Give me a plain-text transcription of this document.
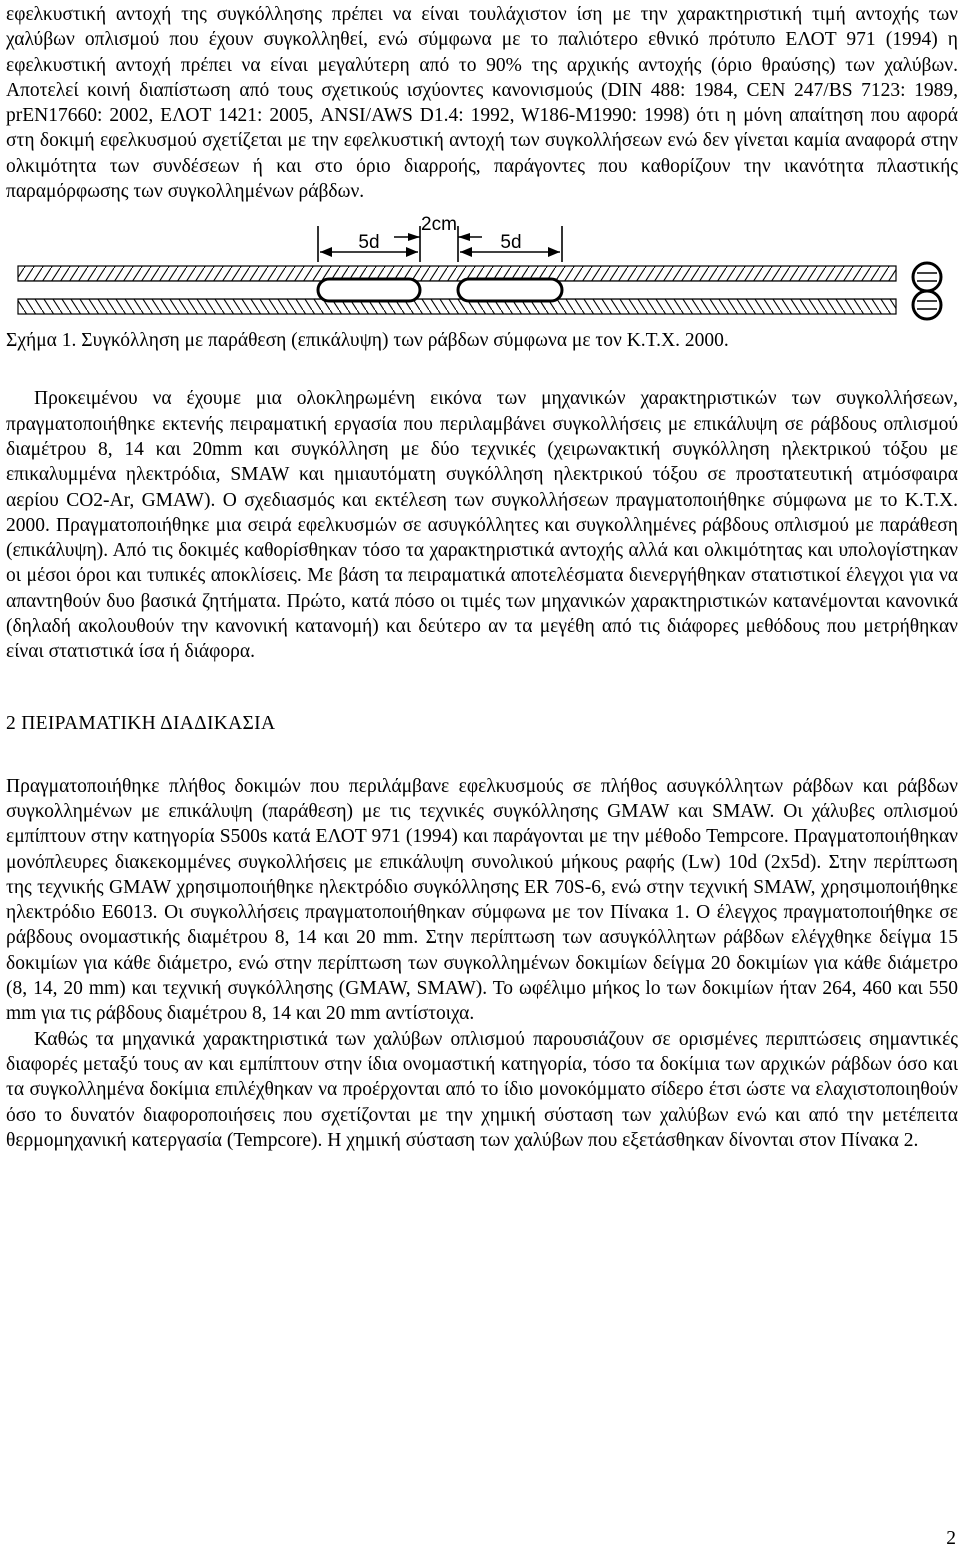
εφελκυστική αντοχή της συγκόλλησης πρέπει να είναι τουλάχιστον ίση με την χαρακτηριστική τιμή αντοχής των χαλύβων οπλισμού που έχουν συγκολληθεί, ενώ σύμφωνα με το παλιότερο εθνικό πρότυπο ΕΛΟΤ 971 (1994) η εφελκυστική αντοχή πρέπει να είναι μεγαλύτερη από το 90% της αρχικής αντοχής (όριο θραύσης) των χαλύβων. Αποτελεί κοινή διαπίστωση από τους σχετικούς ισχύοντες κανονισμούς (DIN 488: 1984, CEN 247/BS 7123: 1989, prEN17660: 2002, ΕΛΟΤ 1421: 2005, ANSI/AWS D1.4: 1992, W186-M1990: 1998) ότι η μόνη απαίτηση που αφορά στη δοκιμή εφελκυσμού σχετίζεται με την εφελκυστική αντοχή των συγκολλήσεων ενώ δεν γίνεται καμία αναφορά στην ολκιμότητα των συνδέσεων ή και στο όριο διαρροής, παράγοντες που καθορίζουν την ικανότητα πλαστικής παραμόρφωσης των συγκολλημένων ράβδων.

2cm
5d	5d

Σχήμα 1. Συγκόλληση με παράθεση (επικάλυψη) των ράβδων σύμφωνα με τον Κ.Τ.Χ. 2000.

Προκειμένου να έχουμε μια ολοκληρωμένη εικόνα των μηχανικών χαρακτηριστικών των συγκολλήσεων, πραγματοποιήθηκε εκτενής πειραματική εργασία που περιλαμβάνει συγκολλήσεις με επικάλυψη σε ράβδους οπλισμού διαμέτρου 8, 14 και 20mm και συγκόλληση με δύο τεχνικές (χειρωνακτική συγκόλληση ηλεκτρικού τόξου με επικαλυμμένα ηλεκτρόδια, SMAW και ημιαυτόματη συγκόλληση ηλεκτρικού τόξου σε προστατευτική ατμόσφαιρα αερίου CO2-Ar, GMAW). Ο σχεδιασμός και εκτέλεση των συγκολλήσεων πραγματοποιήθηκε σύμφωνα με το Κ.Τ.Χ. 2000. Πραγματοποιήθηκε μια σειρά εφελκυσμών σε ασυγκόλλητες και συγκολλημένες ράβδους οπλισμού με παράθεση (επικάλυψη). Από τις δοκιμές καθορίσθηκαν τόσο τα χαρακτηριστικά αντοχής αλλά και ολκιμότητας και υπολογίστηκαν οι μέσοι όροι και τυπικές αποκλίσεις. Με βάση τα πειραματικά αποτελέσματα διενεργήθηκαν στατιστικοί έλεγχοι για να απαντηθούν δυο βασικά ζητήματα. Πρώτο, κατά πόσο οι τιμές των μηχανικών χαρακτηριστικών κατανέμονται κανονικά (δηλαδή ακολουθούν την κανονική κατανομή) και δεύτερο αν τα μεγέθη από τις διάφορες μεθόδους που μετρήθηκαν είναι στατιστικά ίσα ή διάφορα.

2 ΠΕΙΡΑΜΑΤΙΚΗ ΔΙΑΔΙΚΑΣΙΑ

Πραγματοποιήθηκε πλήθος δοκιμών που περιλάμβανε εφελκυσμούς σε πλήθος ασυγκόλλητων ράβδων και ράβδων συγκολλημένων με επικάλυψη (παράθεση) με τις τεχνικές συγκόλλησης GMAW και SMAW. Οι χάλυβες οπλισμού εμπίπτουν στην κατηγορία S500s κατά ΕΛΟΤ 971 (1994) και παράγονται με την μέθοδο Tempcore. Πραγματοποιήθηκαν μονόπλευρες διακεκομμένες συγκολλήσεις με επικάλυψη συνολικού μήκους ραφής (Lw) 10d (2x5d). Στην περίπτωση της τεχνικής GMAW χρησιμοποιήθηκε ηλεκτρόδιο συγκόλλησης ER 70S-6, ενώ στην τεχνική SMAW, χρησιμοποιήθηκε ηλεκτρόδιο E6013. Οι συγκολλήσεις πραγματοποιήθηκαν σύμφωνα με τον Πίνακα 1. Ο έλεγχος πραγματοποιήθηκε σε ράβδους ονομαστικής διαμέτρου 8, 14 και 20 mm. Στην περίπτωση των ασυγκόλλητων ράβδων ελέγχθηκε δείγμα 15 δοκιμίων για κάθε διάμετρο, ενώ στην περίπτωση των συγκολλημένων δοκιμίων δείγμα 20 δοκιμίων για κάθε διάμετρο (8, 14, 20 mm) και τεχνική συγκόλλησης (GMAW, SMAW). Το ωφέλιμο μήκος lo των δοκιμίων ήταν 264, 460 και 550 mm για τις ράβδους διαμέτρου 8, 14 και 20 mm αντίστοιχα.

Καθώς τα μηχανικά χαρακτηριστικά των χαλύβων οπλισμού παρουσιάζουν σε ορισμένες περιπτώσεις σημαντικές διαφορές μεταξύ τους αν και εμπίπτουν στην ίδια ονομαστική κατηγορία, τόσο τα δοκίμια των αρχικών ράβδων όσο και τα συγκολλημένα δοκίμια επιλέχθηκαν να προέρχονται από το ίδιο μονοκόμματο σίδερο έτσι ώστε να ελαχιστοποιηθούν όσο το δυνατόν διαφοροποιήσεις που σχετίζονται με την χημική σύσταση των χαλύβων ενώ και από την μετέπειτα θερμομηχανική κατεργασία (Tempcore). Η χημική σύσταση των χαλύβων που εξετάσθηκαν δίνονται στον Πίνακα 2.

2
